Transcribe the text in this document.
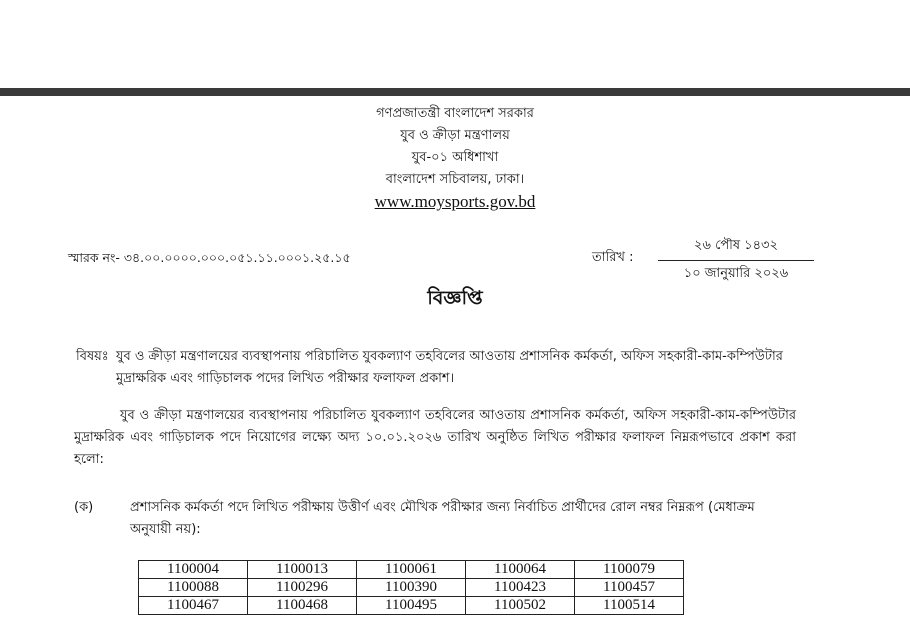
গণপ্রজাতন্ত্রী বাংলাদেশ সরকার
যুব ও ক্রীড়া মন্ত্রণালয়
যুব-০১ অধিশাখা
বাংলাদেশ সচিবালয়, ঢাকা।
www.moysports.gov.bd
স্মারক নং- ৩৪.০০.০০০০.০০০.০৫১.১১.০০০১.২৫.১৫	তারিখ :
২৬ পৌষ ১৪৩২
১০ জানুয়ারি ২০২৬
বিজ্ঞপ্তি
বিষয়ঃ যুব ও ক্রীড়া মন্ত্রণালয়ের ব্যবস্থাপনায় পরিচালিত যুবকল্যাণ তহবিলের আওতায় প্রশাসনিক কর্মকর্তা, অফিস সহকারী-কাম-কম্পিউটার মুদ্রাক্ষরিক এবং গাড়িচালক পদের লিখিত পরীক্ষার ফলাফল প্রকাশ।
যুব ও ক্রীড়া মন্ত্রণালয়ের ব্যবস্থাপনায় পরিচালিত যুবকল্যাণ তহবিলের আওতায় প্রশাসনিক কর্মকর্তা, অফিস সহকারী-কাম-কম্পিউটার মুদ্রাক্ষরিক এবং গাড়িচালক পদে নিয়োগের লক্ষ্যে অদ্য ১০.০১.২০২৬ তারিখ অনুষ্ঠিত লিখিত পরীক্ষার ফলাফল নিম্নরূপভাবে প্রকাশ করা হলো:
(ক)	প্রশাসনিক কর্মকর্তা পদে লিখিত পরীক্ষায় উত্তীর্ণ এবং মৌখিক পরীক্ষার জন্য নির্বাচিত প্রার্থীদের রোল নম্বর নিম্নরূপ (মেধাক্রম অনুযায়ী নয়):
1100004	1100013	1100061	1100064	1100079
1100088	1100296	1100390	1100423	1100457
1100467	1100468	1100495	1100502	1100514
